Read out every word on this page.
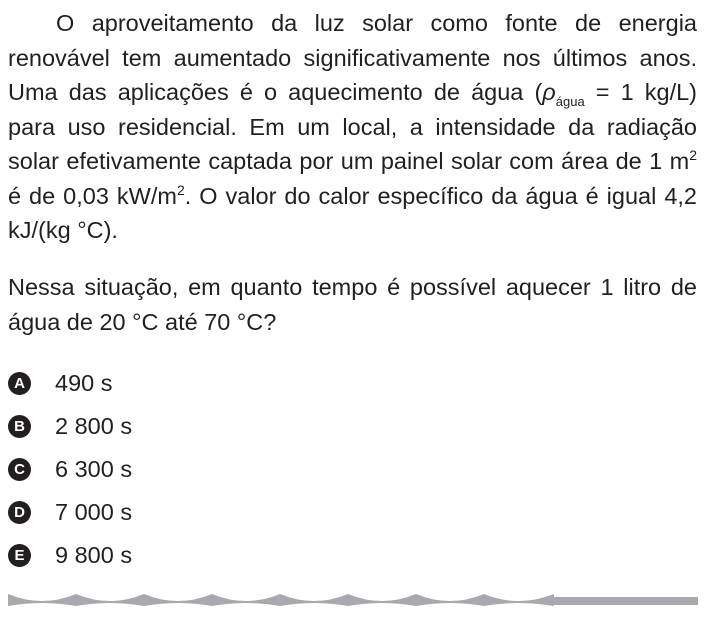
O aproveitamento da luz solar como fonte de energia renovável tem aumentado significativamente nos últimos anos. Uma das aplicações é o aquecimento de água ($\rho_{água} = 1$ kg/L) para uso residencial. Em um local, a intensidade da radiação solar efetivamente captada por um painel solar com área de 1 $m^2$ é de 0,03 $kW/m^2$. O valor do calor específico da água é igual 4,2 kJ/(kg °C).

Nessa situação, em quanto tempo é possível aquecer 1 litro de água de 20 °C até 70 °C?

A 490 s
B 2 800 s
C 6 300 s
D 7 000 s
E 9 800 s
